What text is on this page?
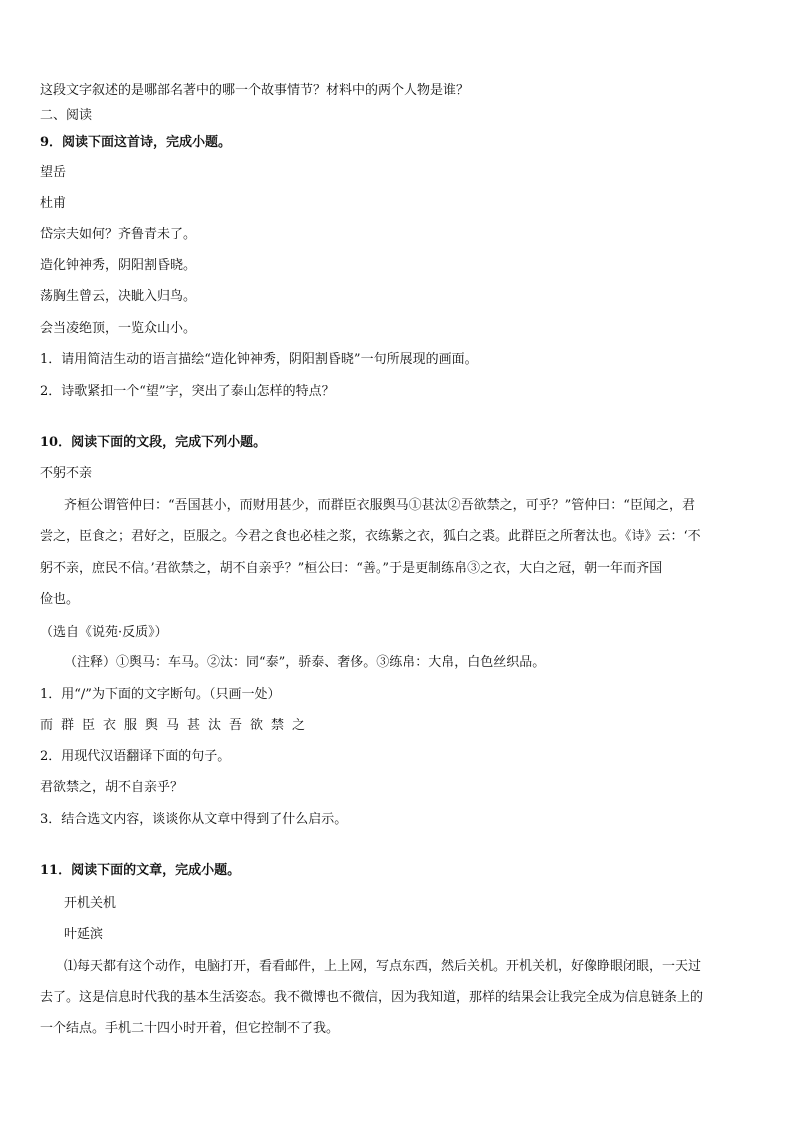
这段文字叙述的是哪部名著中的哪一个故事情节？材料中的两个人物是谁？
二、阅读
9．阅读下面这首诗，完成小题。
望岳
杜甫
岱宗夫如何？齐鲁青未了。
造化钟神秀，阴阳割昏晓。
荡胸生曾云，决眦入归鸟。
会当凌绝顶，一览众山小。
1．请用简洁生动的语言描绘“造化钟神秀，阴阳割昏晓”一句所展现的画面。
2．诗歌紧扣一个“望”字，突出了泰山怎样的特点？
10．阅读下面的文段，完成下列小题。
不躬不亲
齐桓公谓管仲曰：“吾国甚小，而财用甚少，而群臣衣服舆马①甚汰②吾欲禁之，可乎？”管仲曰：“臣闻之，君
尝之，臣食之；君好之，臣服之。今君之食也必桂之浆，衣练紫之衣，狐白之裘。此群臣之所奢汰也。《诗》云：‘不
躬不亲，庶民不信。’君欲禁之，胡不自亲乎？”桓公曰：“善。”于是更制练帛③之衣，大白之冠，朝一年而齐国
俭也。
（选自《说苑·反质》）
（注释）①舆马：车马。②汰：同“泰”，骄泰、奢侈。③练帛：大帛，白色丝织品。
1．用“/”为下面的文字断句。（只画一处）
而群臣衣服舆马甚汰吾欲禁之
2．用现代汉语翻译下面的句子。
君欲禁之，胡不自亲乎？
3．结合选文内容，谈谈你从文章中得到了什么启示。
11．阅读下面的文章，完成小题。
开机关机
叶延滨
⑴每天都有这个动作，电脑打开，看看邮件，上上网，写点东西，然后关机。开机关机，好像睁眼闭眼，一天过
去了。这是信息时代我的基本生活姿态。我不微博也不微信，因为我知道，那样的结果会让我完全成为信息链条上的
一个结点。手机二十四小时开着，但它控制不了我。
